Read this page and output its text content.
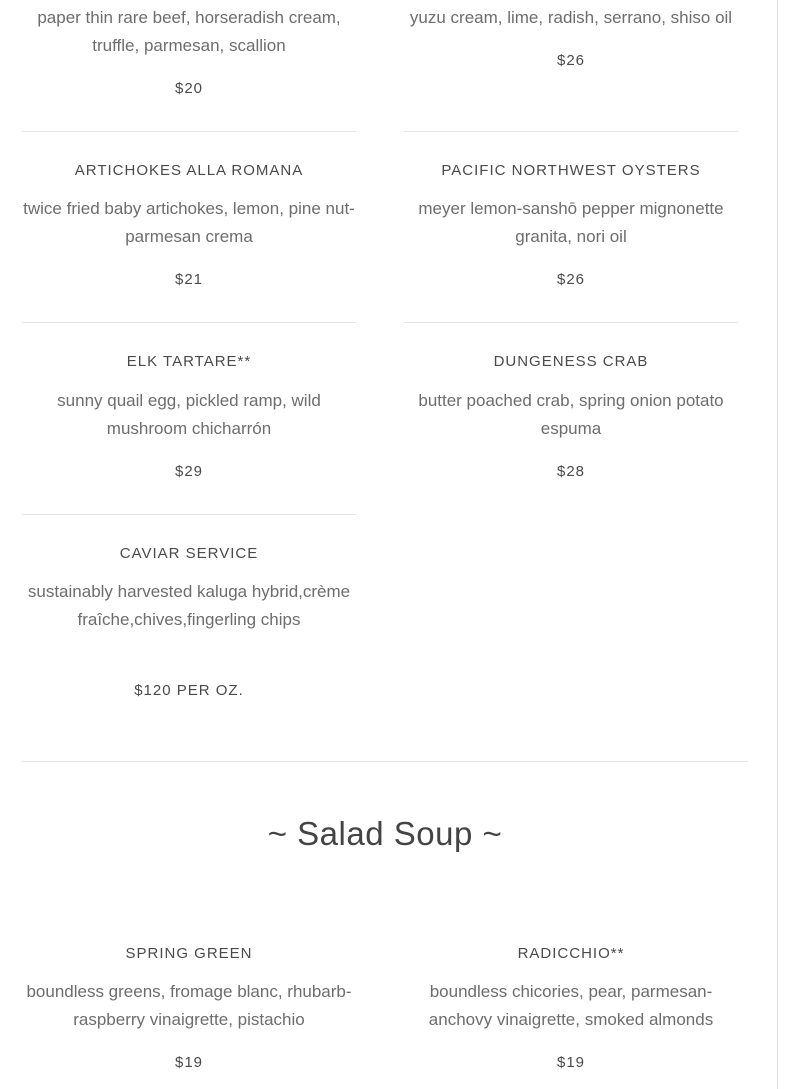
paper thin rare beef, horseradish cream, truffle, parmesan, scallion
$20
yuzu cream, lime, radish, serrano, shiso oil
$26
ARTICHOKES ALLA ROMANA
twice fried baby artichokes, lemon, pine nut-parmesan crema
$21
PACIFIC NORTHWEST OYSTERS
meyer lemon-sanshō pepper mignonette granita, nori oil
$26
ELK TARTARE**
sunny quail egg, pickled ramp, wild mushroom chicharrón
$29
DUNGENESS CRAB
butter poached crab, spring onion potato espuma
$28
CAVIAR SERVICE
sustainably harvested kaluga hybrid,crème fraîche,chives,fingerling chips
$120 PER OZ.
~ Salad Soup ~
SPRING GREEN
boundless greens, fromage blanc, rhubarb-raspberry vinaigrette, pistachio
$19
RADICCHIO**
boundless chicories, pear, parmesan-anchovy vinaigrette, smoked almonds
$19
